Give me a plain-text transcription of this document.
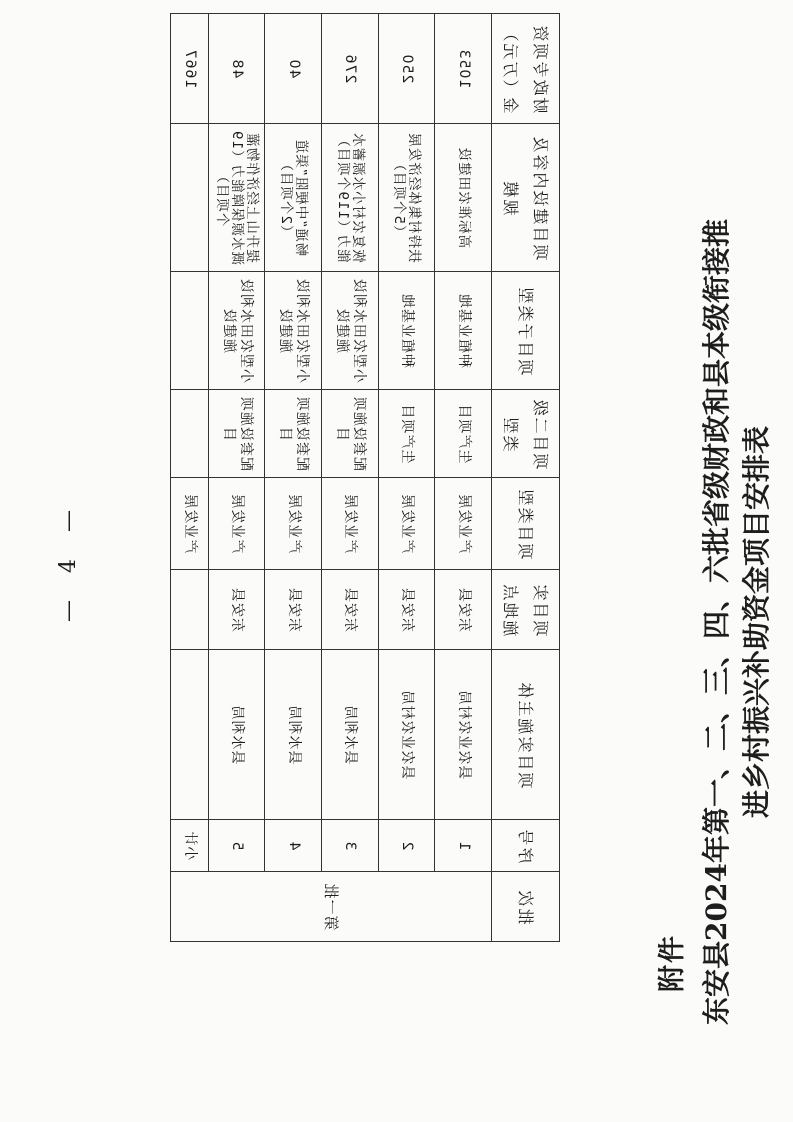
附件 东安县2024年第一、二、三、四、六批省级财政和县本级衔接推进乡村振兴补助资金项目安排表
批次	序号	项目实施主体	项目实施地点	项目类型	项目二级类型	项目子类型	项目建设内容及规模	财政专项资金（万元）
第一批	1	县农业农村局	东安县	产业发展	生产项目	种植业基地	高标准农田建设	1053
	2	县农业农村局	东安县	产业发展	生产项目	种植业基地	扶持村集体经济发展（5个项目）	250
	3	县水利局	东安县	产业发展	配套设施项目	小型农田水利设施建设	恢复农村小水源蓄水能力（119个项目）	276
	4	县水利局	东安县	产业发展	配套设施项目	小型农田水利设施建设	畅通“中梗阻”渠道（2个项目）	40
	5	县水利局	东安县	产业发展	配套设施项目	小型农田水利设施建设	提升山上经济作物灌溉水源保障能力（19个项目）	48
	小计			产业发展				1667
— 4 —
